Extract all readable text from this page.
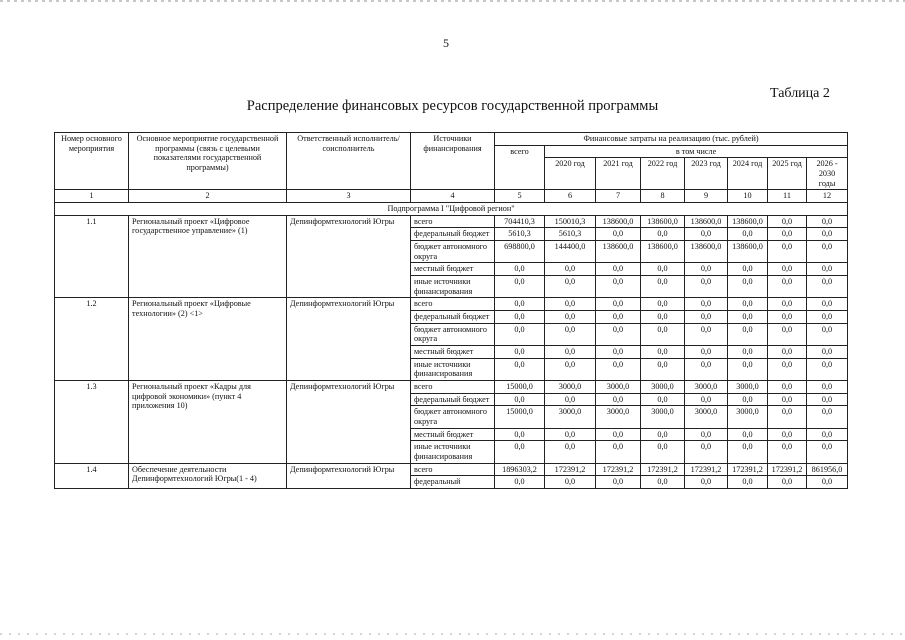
5
Таблица 2
Распределение финансовых ресурсов государственной программы
Номер основного мероприятия	Основное мероприятие государственной программы (связь с целевыми показателями государственной программы)	Ответственный исполнитель/ соисполнитель	Источники финансирования	Финансовые затраты на реализацию (тыс. рублей)							
				всего	в том числе						
					2020 год	2021 год	2022 год	2023 год	2024 год	2025 год	2026 - 2030 годы
1	2	3	4	5	6	7	8	9	10	11	12
Подпрограмма I "Цифровой регион"											
1.1	Региональный проект «Цифровое государственное управление» (1)	Депинформтехнологий Югры	всего	704410,3	150010,3	138600,0	138600,0	138600,0	138600,0	0,0	0,0
			федеральный бюджет	5610,3	5610,3	0,0	0,0	0,0	0,0	0,0	0,0
			бюджет автономного округа	698800,0	144400,0	138600,0	138600,0	138600,0	138600,0	0,0	0,0
			местный бюджет	0,0	0,0	0,0	0,0	0,0	0,0	0,0	0,0
			иные источники финансирования	0,0	0,0	0,0	0,0	0,0	0,0	0,0	0,0
1.2	Региональный проект «Цифровые технологии» (2) <1>	Депинформтехнологий Югры	всего	0,0	0,0	0,0	0,0	0,0	0,0	0,0	0,0
			федеральный бюджет	0,0	0,0	0,0	0,0	0,0	0,0	0,0	0,0
			бюджет автономного округа	0,0	0,0	0,0	0,0	0,0	0,0	0,0	0,0
			местный бюджет	0,0	0,0	0,0	0,0	0,0	0,0	0,0	0,0
			иные источники финансирования	0,0	0,0	0,0	0,0	0,0	0,0	0,0	0,0
1.3	Региональный проект «Кадры для цифровой экономики» (пункт 4 приложения 10)	Депинформтехнологий Югры	всего	15000,0	3000,0	3000,0	3000,0	3000,0	3000,0	0,0	0,0
			федеральный бюджет	0,0	0,0	0,0	0,0	0,0	0,0	0,0	0,0
			бюджет автономного округа	15000,0	3000,0	3000,0	3000,0	3000,0	3000,0	0,0	0,0
			местный бюджет	0,0	0,0	0,0	0,0	0,0	0,0	0,0	0,0
			иные источники финансирования	0,0	0,0	0,0	0,0	0,0	0,0	0,0	0,0
1.4	Обеспечение деятельности Депинформтехнологий Югры(1 - 4)	Депинформтехнологий Югры	всего	1896303,2	172391,2	172391,2	172391,2	172391,2	172391,2	172391,2	861956,0
			федеральный	0,0	0,0	0,0	0,0	0,0	0,0	0,0	0,0
